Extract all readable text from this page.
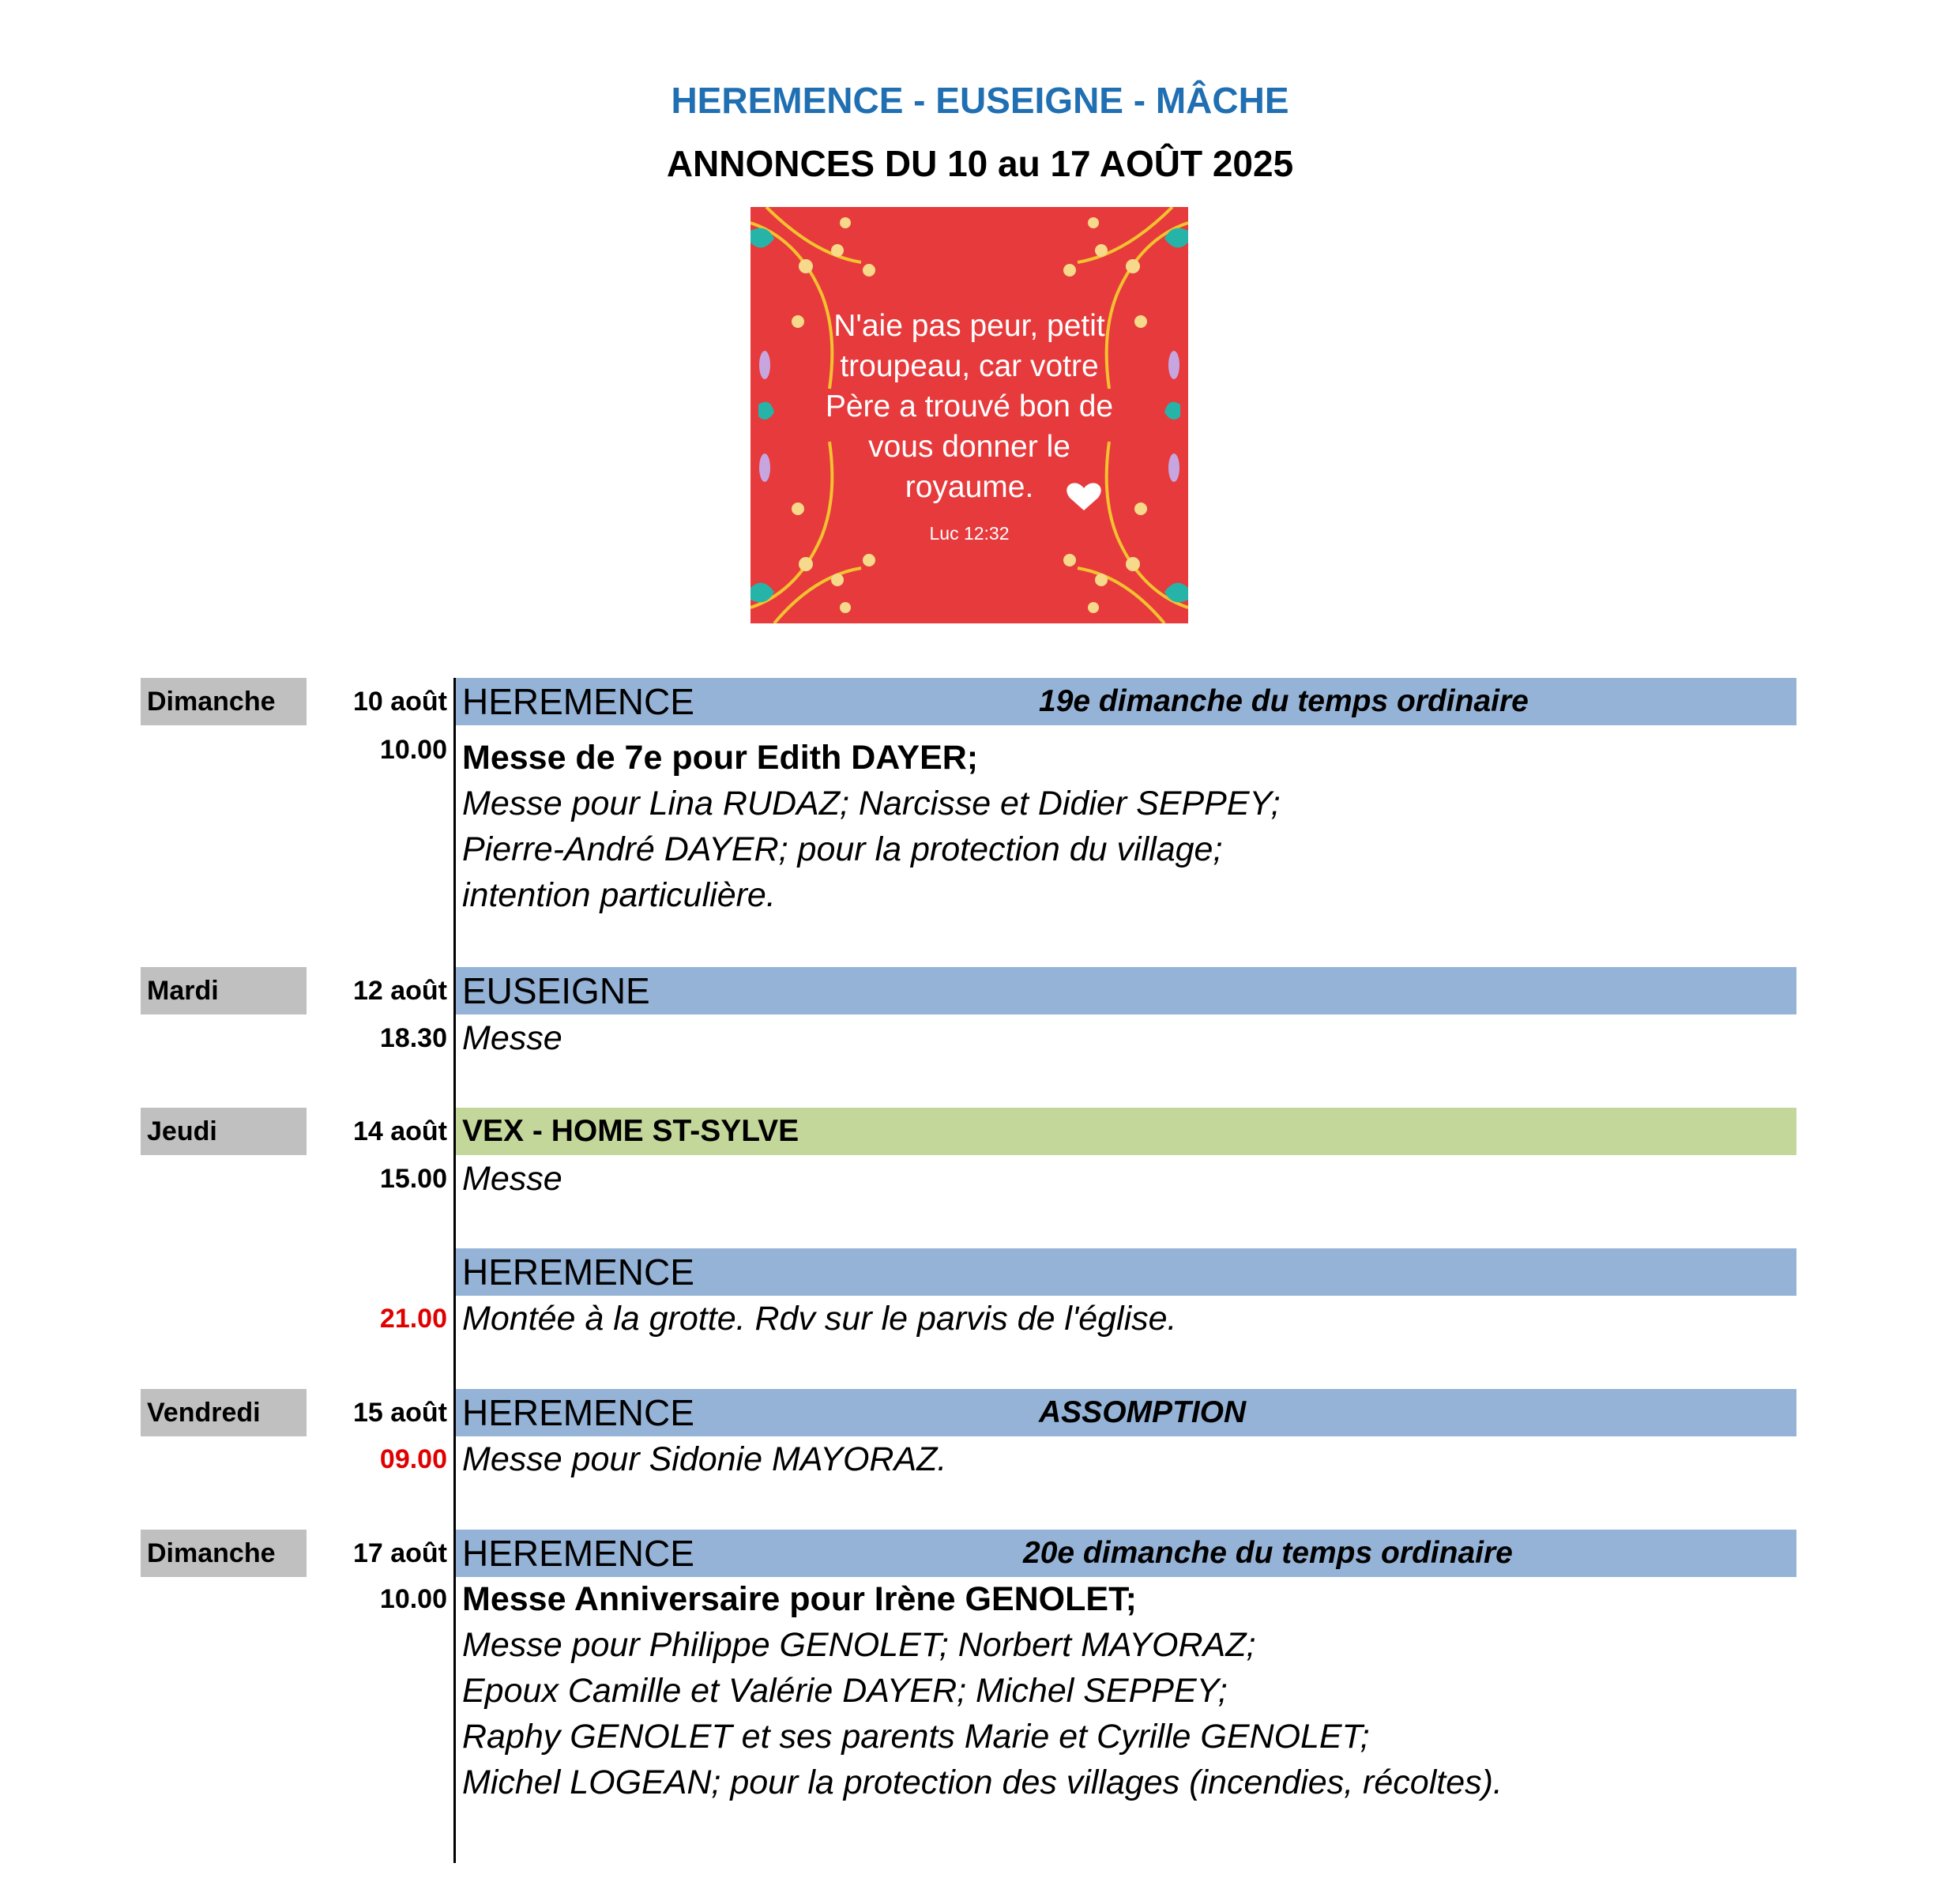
HEREMENCE - EUSEIGNE - MÂCHE
ANNONCES DU 10 au 17 AOÛT 2025
N'aie pas peur, petit
troupeau, car votre
Père a trouvé bon de
vous donner le
royaume.
Luc 12:32
Dimanche	10 août HEREMENCE	19e dimanche du temps ordinaire
10.00 Messe de 7e pour Edith DAYER;
Messe pour Lina RUDAZ; Narcisse et Didier SEPPEY;
Pierre-André DAYER; pour la protection du village;
intention particulière.
Mardi	12 août EUSEIGNE
18.30 Messe
Jeudi	14 août VEX - HOME ST-SYLVE
15.00 Messe
HEREMENCE
21.00 Montée à la grotte. Rdv sur le parvis de l'église.
Vendredi	15 août HEREMENCE	ASSOMPTION
09.00 Messe pour Sidonie MAYORAZ.
Dimanche	17 août HEREMENCE	20e dimanche du temps ordinaire
10.00 Messe Anniversaire pour Irène GENOLET;
Messe pour Philippe GENOLET; Norbert MAYORAZ;
Epoux Camille et Valérie DAYER; Michel SEPPEY;
Raphy GENOLET et ses parents Marie et Cyrille GENOLET;
Michel LOGEAN; pour la protection des villages (incendies, récoltes).
